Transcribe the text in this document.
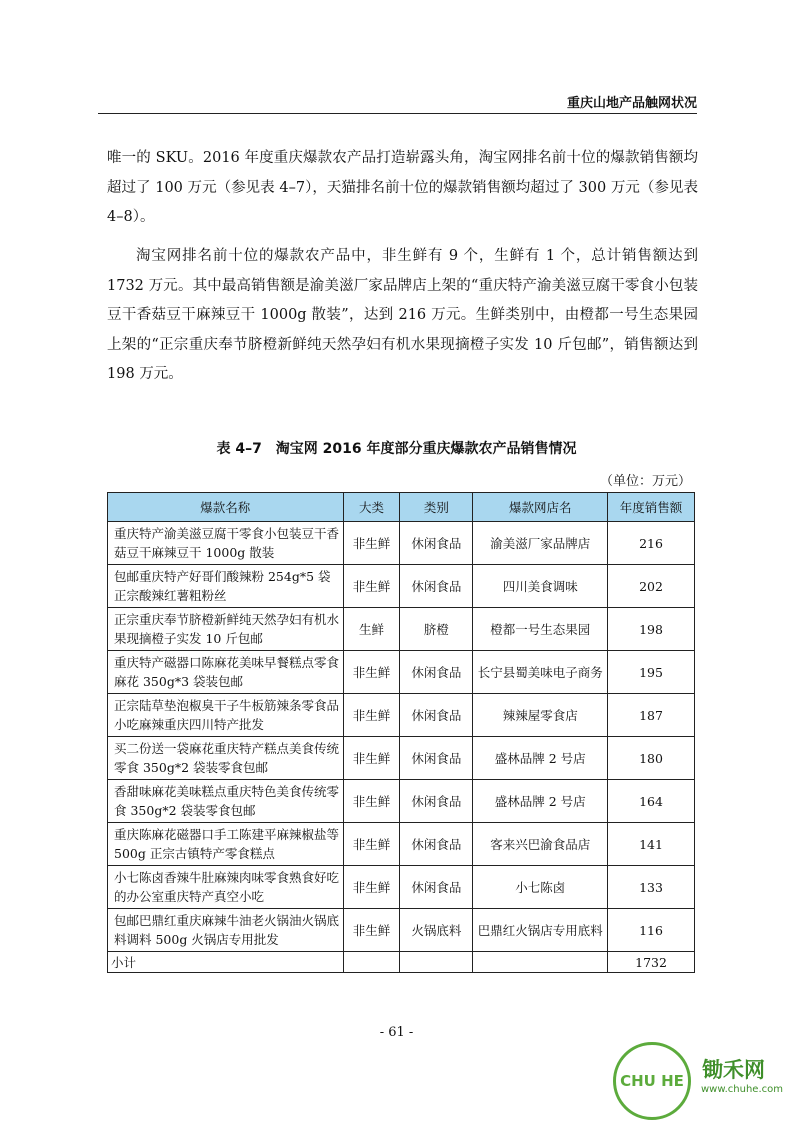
重庆山地产品触网状况

唯一的 SKU。2016 年度重庆爆款农产品打造崭露头角，淘宝网排名前十位的爆款销售额均超过了 100 万元（参见表 4–7），天猫排名前十位的爆款销售额均超过了 300 万元（参见表 4–8）。

淘宝网排名前十位的爆款农产品中，非生鲜有 9 个，生鲜有 1 个，总计销售额达到 1732 万元。其中最高销售额是渝美滋厂家品牌店上架的“重庆特产渝美滋豆腐干零食小包装豆干香菇豆干麻辣豆干 1000g 散装”，达到 216 万元。生鲜类别中，由橙都一号生态果园上架的“正宗重庆奉节脐橙新鲜纯天然孕妇有机水果现摘橙子实发 10 斤包邮”，销售额达到 198 万元。

表 4–7　淘宝网 2016 年度部分重庆爆款农产品销售情况
（单位：万元）
爆款名称	大类	类别	爆款网店名	年度销售额
重庆特产渝美滋豆腐干零食小包装豆干香菇豆干麻辣豆干 1000g 散装	非生鲜	休闲食品	渝美滋厂家品牌店	216
包邮重庆特产好哥们酸辣粉 254g*5 袋正宗酸辣红薯粗粉丝	非生鲜	休闲食品	四川美食调味	202
正宗重庆奉节脐橙新鲜纯天然孕妇有机水果现摘橙子实发 10 斤包邮	生鲜	脐橙	橙都一号生态果园	198
重庆特产磁器口陈麻花美味早餐糕点零食麻花 350g*3 袋装包邮	非生鲜	休闲食品	长宁县蜀美味电子商务	195
正宗陆草垫泡椒臭干子牛板筋辣条零食品小吃麻辣重庆四川特产批发	非生鲜	休闲食品	辣辣屋零食店	187
买二份送一袋麻花重庆特产糕点美食传统零食 350g*2 袋装零食包邮	非生鲜	休闲食品	盛林品牌 2 号店	180
香甜味麻花美味糕点重庆特色美食传统零食 350g*2 袋装零食包邮	非生鲜	休闲食品	盛林品牌 2 号店	164
重庆陈麻花磁器口手工陈建平麻辣椒盐等 500g 正宗古镇特产零食糕点	非生鲜	休闲食品	客来兴巴渝食品店	141
小七陈卤香辣牛肚麻辣肉味零食熟食好吃的办公室重庆特产真空小吃	非生鲜	休闲食品	小七陈卤	133
包邮巴鼎红重庆麻辣牛油老火锅油火锅底料调料 500g 火锅店专用批发	非生鲜	火锅底料	巴鼎红火锅店专用底料	116
小计				1732
- 61 -
CHU HE 锄禾网
www.chuhe.com
